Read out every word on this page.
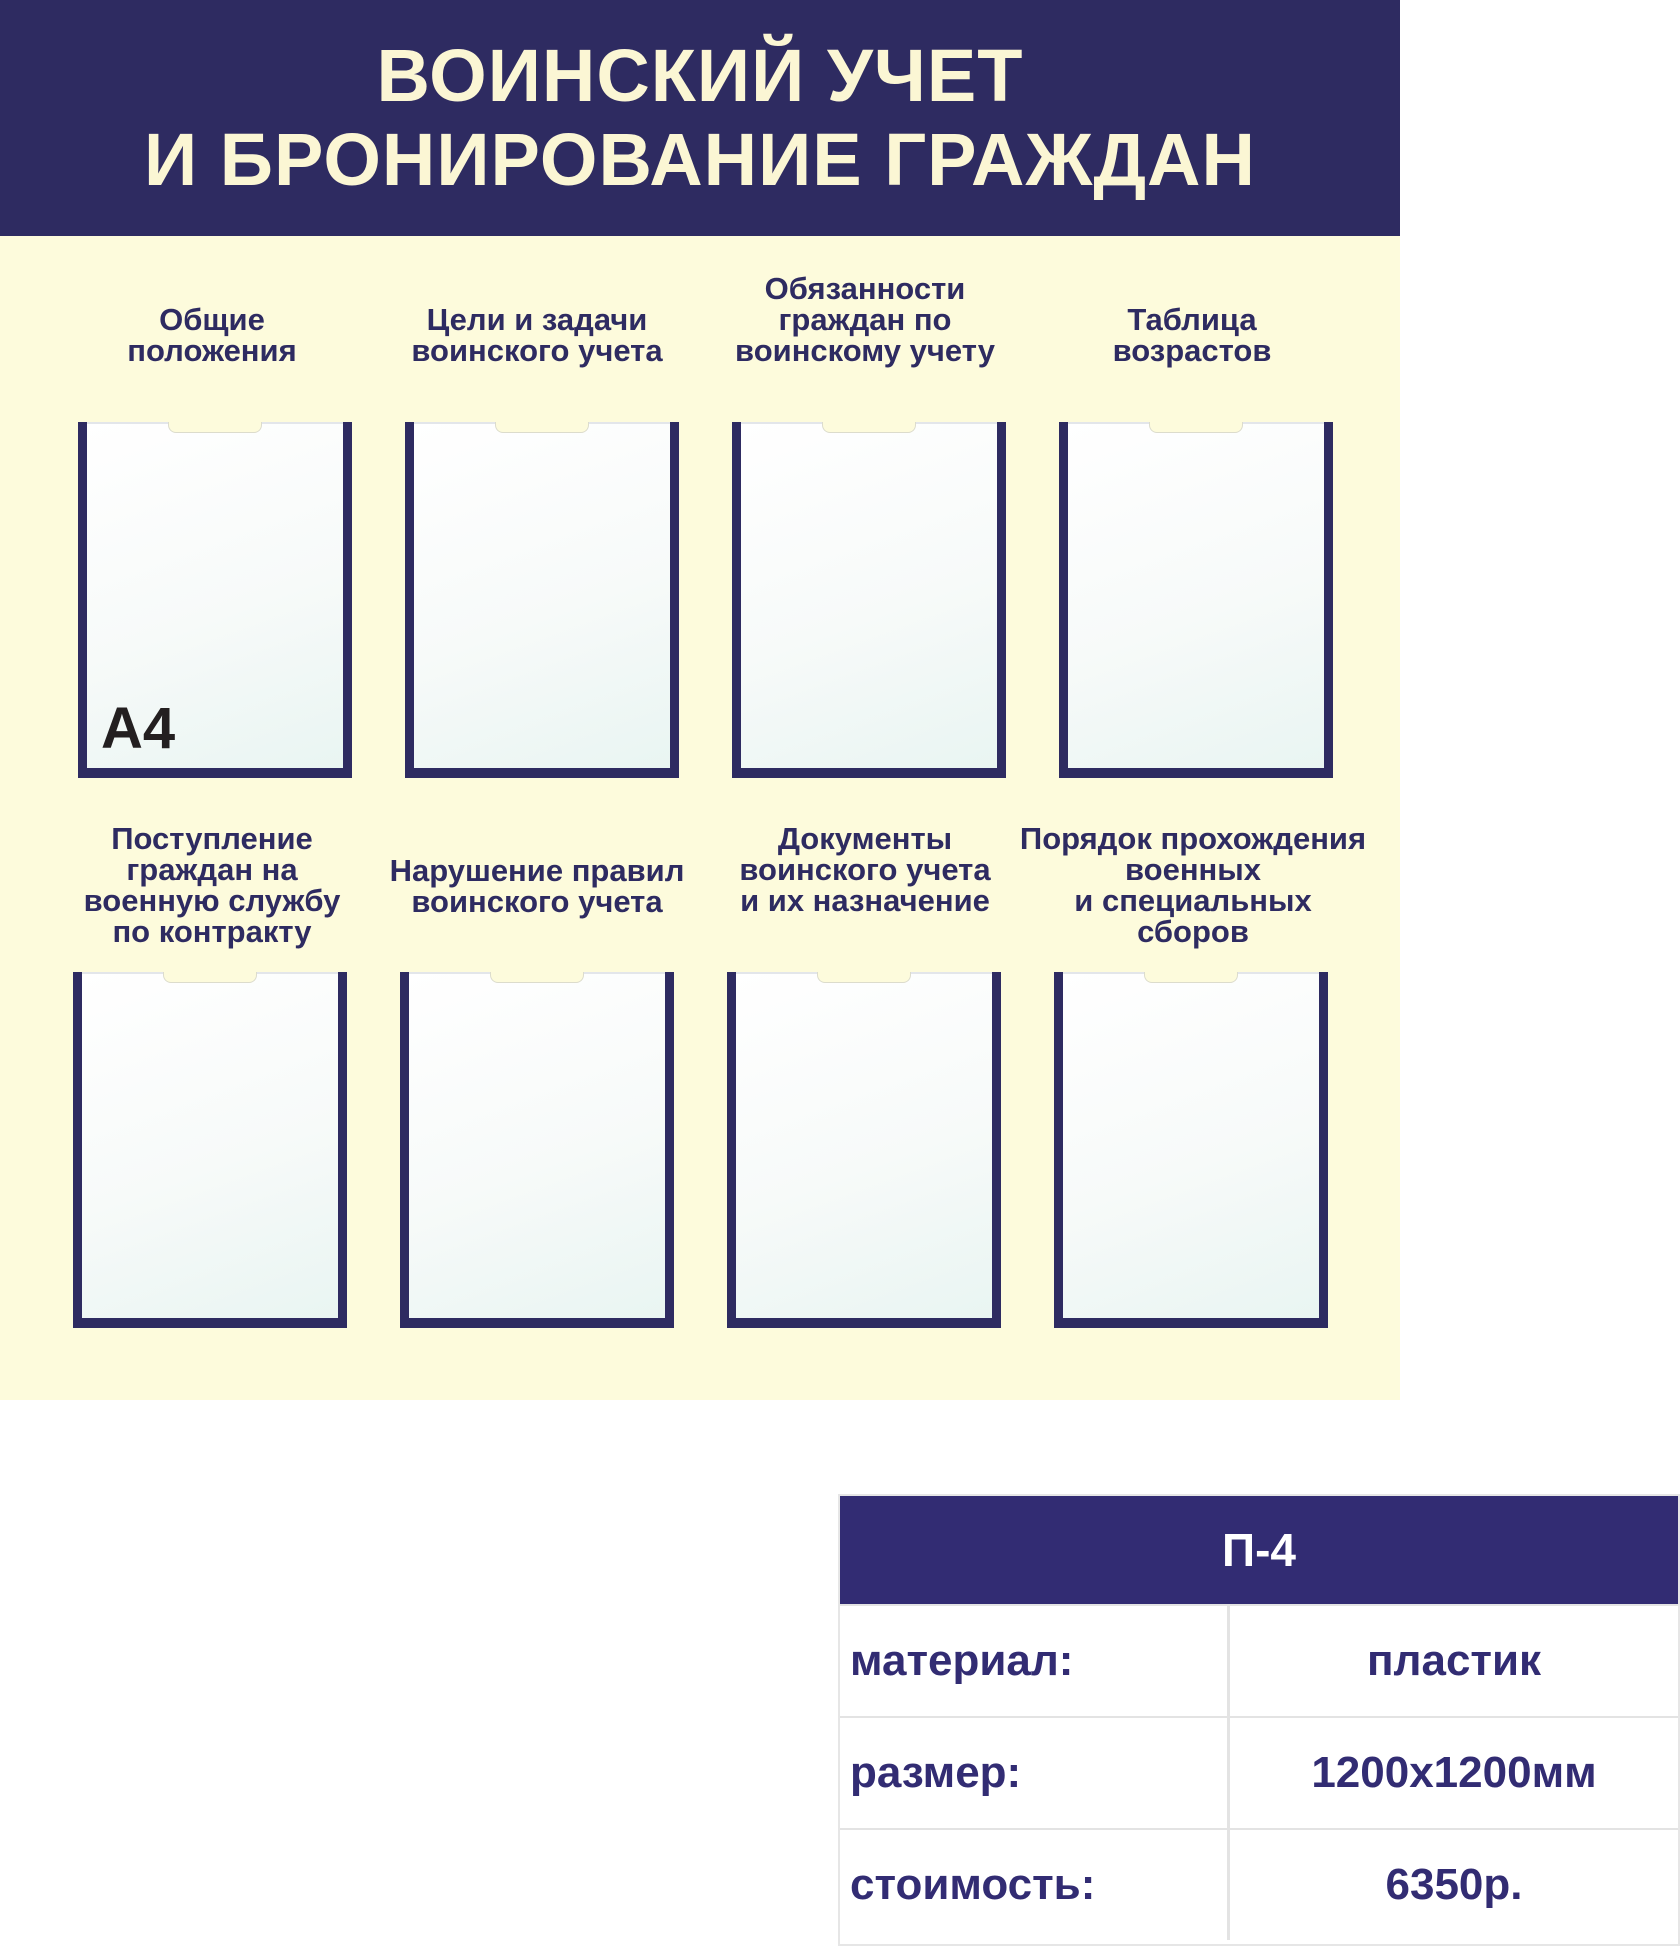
ВОИНСКИЙ УЧЕТ
И БРОНИРОВАНИЕ ГРАЖДАН
Общие
положения
Цели и задачи
воинского учета
Обязанности
граждан по
воинскому учету
Таблица
возрастов
А4
Поступление
граждан на
военную службу
по контракту
Нарушение правил
воинского учета
Документы
воинского учета
и их назначение
Порядок прохождения
военных
и специальных
сборов
П-4
материал:	пластик
размер:	1200х1200мм
стоимость:	6350р.
